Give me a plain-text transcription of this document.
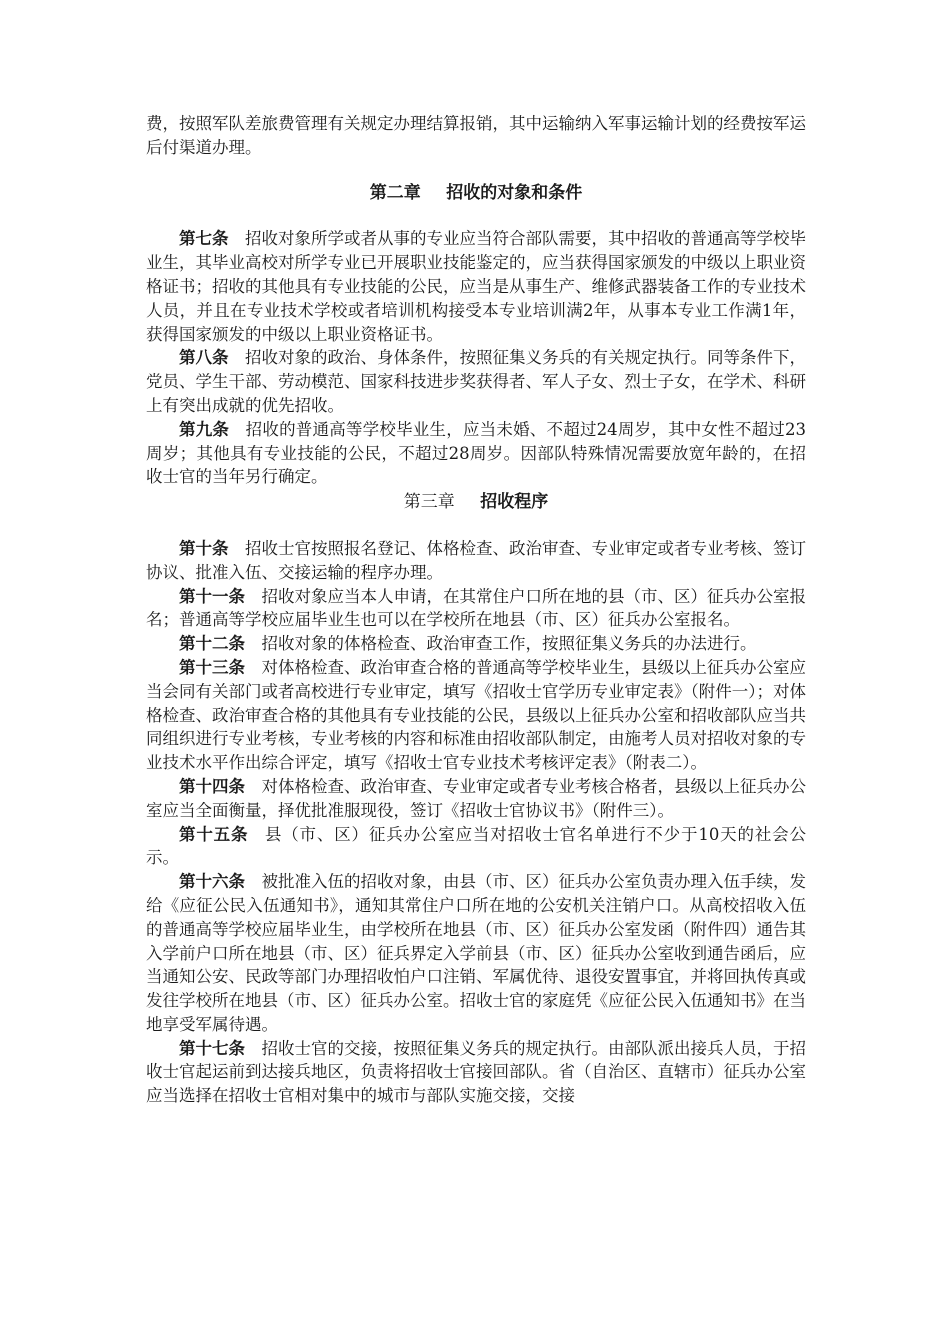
费，按照军队差旅费管理有关规定办理结算报销，其中运输纳入军事运输计划的经费按军运后付渠道办理。

第二章 招收的对象和条件

第七条 招收对象所学或者从事的专业应当符合部队需要，其中招收的普通高等学校毕业生，其毕业高校对所学专业已开展职业技能鉴定的，应当获得国家颁发的中级以上职业资格证书；招收的其他具有专业技能的公民，应当是从事生产、维修武器装备工作的专业技术人员，并且在专业技术学校或者培训机构接受本专业培训满2年，从事本专业工作满1年，获得国家颁发的中级以上职业资格证书。

第八条 招收对象的政治、身体条件，按照征集义务兵的有关规定执行。同等条件下，党员、学生干部、劳动模范、国家科技进步奖获得者、军人子女、烈士子女，在学术、科研上有突出成就的优先招收。

第九条 招收的普通高等学校毕业生，应当未婚、不超过24周岁，其中女性不超过23周岁；其他具有专业技能的公民，不超过28周岁。因部队特殊情况需要放宽年龄的，在招收士官的当年另行确定。

第三章 招收程序

第十条 招收士官按照报名登记、体格检查、政治审查、专业审定或者专业考核、签订协议、批准入伍、交接运输的程序办理。

第十一条 招收对象应当本人申请，在其常住户口所在地的县（市、区）征兵办公室报名；普通高等学校应届毕业生也可以在学校所在地县（市、区）征兵办公室报名。

第十二条 招收对象的体格检查、政治审查工作，按照征集义务兵的办法进行。

第十三条 对体格检查、政治审查合格的普通高等学校毕业生，县级以上征兵办公室应当会同有关部门或者高校进行专业审定，填写《招收士官学历专业审定表》（附件一）；对体格检查、政治审查合格的其他具有专业技能的公民，县级以上征兵办公室和招收部队应当共同组织进行专业考核，专业考核的内容和标准由招收部队制定，由施考人员对招收对象的专业技术水平作出综合评定，填写《招收士官专业技术考核评定表》（附表二）。

第十四条 对体格检查、政治审查、专业审定或者专业考核合格者，县级以上征兵办公室应当全面衡量，择优批准服现役，签订《招收士官协议书》（附件三）。

第十五条 县（市、区）征兵办公室应当对招收士官名单进行不少于10天的社会公示。

第十六条 被批准入伍的招收对象，由县（市、区）征兵办公室负责办理入伍手续，发给《应征公民入伍通知书》，通知其常住户口所在地的公安机关注销户口。从高校招收入伍的普通高等学校应届毕业生，由学校所在地县（市、区）征兵办公室发函（附件四）通告其入学前户口所在地县（市、区）征兵界定入学前县（市、区）征兵办公室收到通告函后，应当通知公安、民政等部门办理招收怕户口注销、军属优待、退役安置事宜，并将回执传真或发往学校所在地县（市、区）征兵办公室。招收士官的家庭凭《应征公民入伍通知书》在当地享受军属待遇。

第十七条 招收士官的交接，按照征集义务兵的规定执行。由部队派出接兵人员，于招收士官起运前到达接兵地区，负责将招收士官接回部队。省（自治区、直辖市）征兵办公室应当选择在招收士官相对集中的城市与部队实施交接，交接
